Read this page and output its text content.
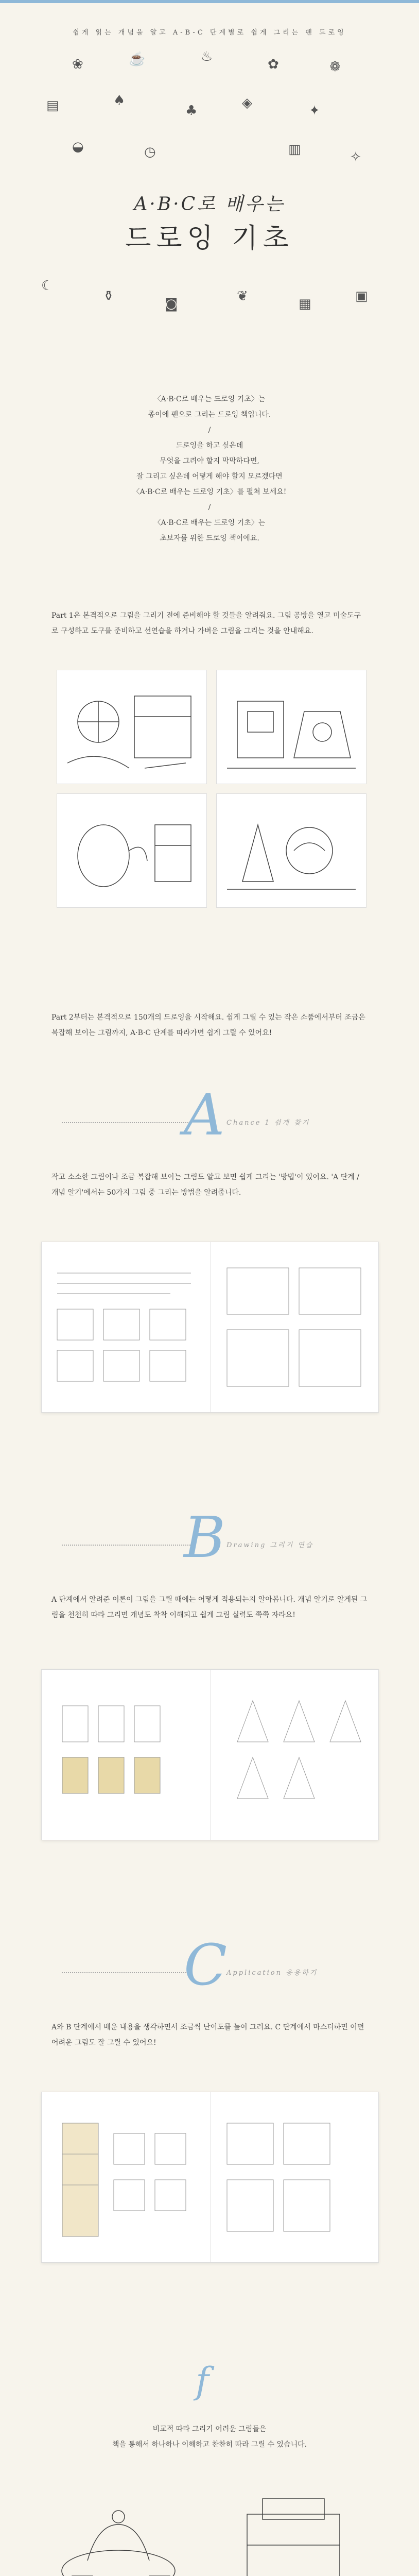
쉽게 읽는 개념을 알고 A-B-C 단계별로 쉽게 그리는 펜 드로잉
❀	☕	♨	✿	❁
▤	♠
♣	◈	✦
◒	◷	▥	✧
☾
⚱	◙	❦	▦	▣
A·B·C로 배우는
드로잉 기초
〈A·B·C로 배우는 드로잉 기초〉는
종이에 펜으로 그리는 드로잉 책입니다.
/
드로잉을 하고 싶은데
무엇을 그려야 할지 막막하다면,
잘 그리고 싶은데 어떻게 해야 할지 모르겠다면
〈A·B·C로 배우는 드로잉 기초〉를 펼쳐 보세요!
/
〈A·B·C로 배우는 드로잉 기초〉는
초보자를 위한 드로잉 책이에요.
Part 1은 본격적으로 그림을 그리기 전에 준비해야 할 것들을 알려줘요. 그림 공방을 열고 미술도구로 구성하고 도구를 준비하고 선연습을 하거나 가벼운 그림을 그리는 것을 안내해요.
Part 2부터는 본격적으로 150개의 드로잉을 시작해요. 쉽게 그릴 수 있는 작은 소품에서부터 조금은 복잡해 보이는 그림까지, A·B·C 단계를 따라가면 쉽게 그릴 수 있어요!
A Chance 1 쉽게 찾기
작고 소소한 그림이나 조금 복잡해 보이는 그림도 알고 보면 쉽게 그리는 '방법'이 있어요. 'A 단계 / 개념 알기'에서는 50가지 그림 중 그리는 방법을 알려줍니다.
B Drawing 그리기 연습
A 단계에서 알려준 이론이 그림을 그릴 때에는 어떻게 적용되는지 알아봅니다. 개념 알기로 알게된 그림을 천천히 따라 그리면 개념도 착착 이해되고 쉽게 그림 실력도 쭉쭉 자라요!
C
Application 응용하기
A와 B 단계에서 배운 내용을 생각하면서 조금씩 난이도를 높여 그려요. C 단계에서 마스터하면 어떤 어려운 그림도 잘 그릴 수 있어요!
f
비교적 따라 그리기 어려운 그림들은
책을 통해서 하나하나 이해하고 찬찬히 따라 그릴 수 있습니다.
